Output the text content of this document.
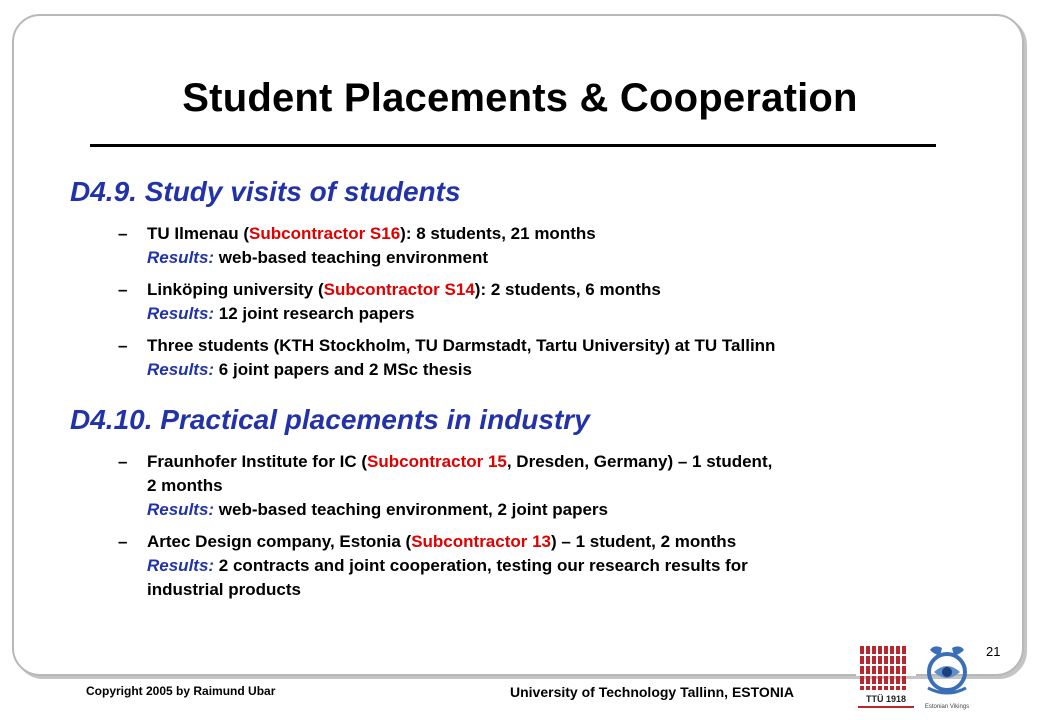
Student Placements & Cooperation
D4.9. Study visits of students
– TU Ilmenau (Subcontractor S16): 8 students, 21 months
Results: web-based teaching environment
– Linköping university (Subcontractor S14): 2 students, 6 months
Results: 12 joint research papers
– Three students (KTH Stockholm, TU Darmstadt, Tartu University) at TU Tallinn
Results: 6 joint papers and 2 MSc thesis
D4.10. Practical placements in industry
– Fraunhofer Institute for IC (Subcontractor 15, Dresden, Germany) – 1 student,
2 months
Results: web-based teaching environment, 2 joint papers
– Artec Design company, Estonia (Subcontractor 13) – 1 student, 2 months
Results: 2 contracts and joint cooperation, testing our research results for
industrial products
21
Copyright 2005 by Raimund Ubar	University of Technology Tallinn, ESTONIA	TTÜ 1918
Estonian Vikings
